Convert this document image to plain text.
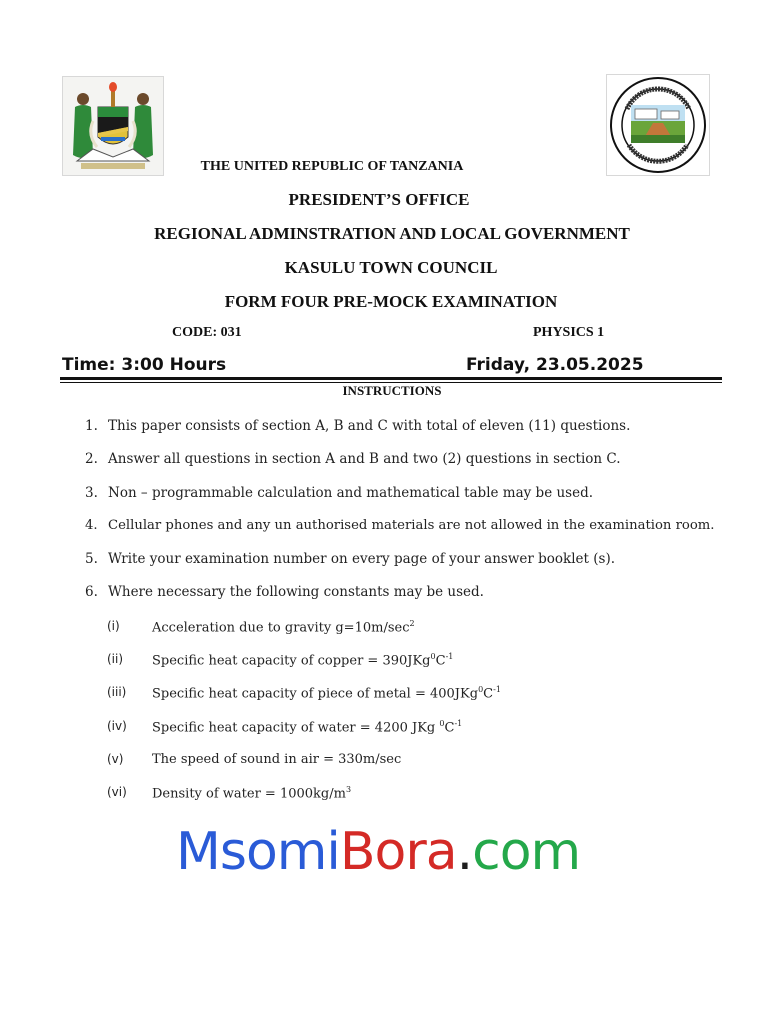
THE UNITED REPUBLIC OF TANZANIA
PRESIDENT’S OFFICE
REGIONAL ADMINSTRATION AND LOCAL GOVERNMENT
KASULU TOWN COUNCIL
FORM FOUR PRE-MOCK EXAMINATION
CODE: 031	PHYSICS 1
Time: 3:00 Hours	Friday, 23.05.2025
INSTRUCTIONS
1. This paper consists of section A, B and C with total of eleven (11) questions.
2. Answer all questions in section A and B and two (2) questions in section C.
3. Non – programmable calculation and mathematical table may be used.
4. Cellular phones and any un authorised materials are not allowed in the examination room.
5. Write your examination number on every page of your answer booklet (s).
6. Where necessary the following constants may be used.
(i) Acceleration due to gravity $g=10m/\sec^2$
(ii) Specific heat capacity of copper = $390JKg^0C^{-1}$
(iii) Specific heat capacity of piece of metal = $400JKg^0C^{-1}$
(iv) Specific heat capacity of water = 4200 JKg $^0C^{-1}$
(v) The speed of sound in air = 330m/sec
(vi) Density of water = $1000kg/m^3$
MsomiBora.com
